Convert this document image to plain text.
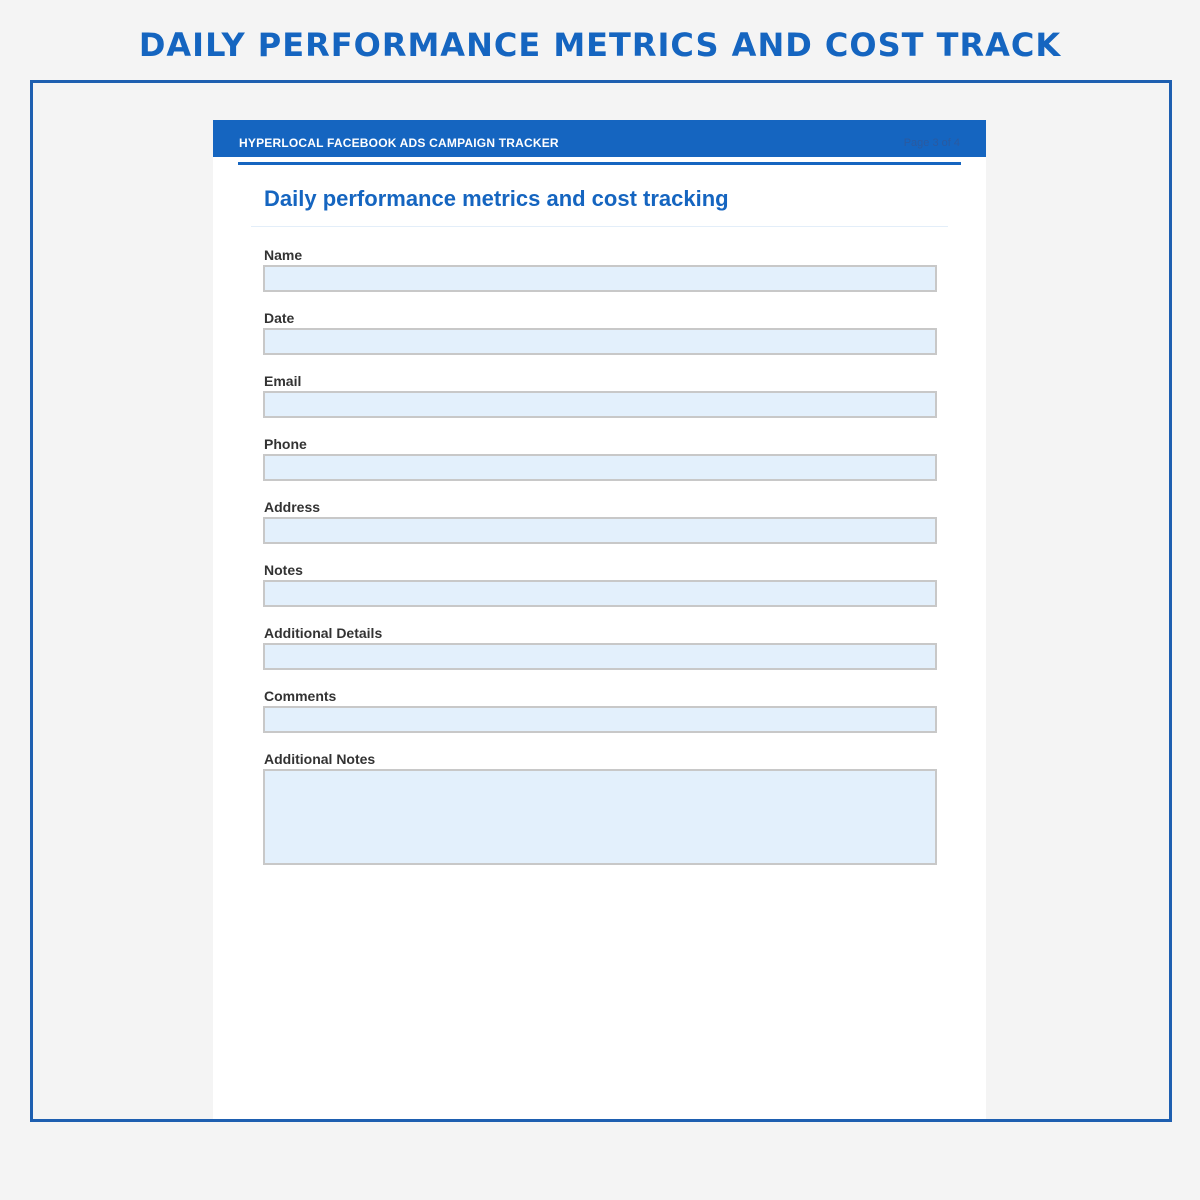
DAILY PERFORMANCE METRICS AND COST TRACK
HYPERLOCAL FACEBOOK ADS CAMPAIGN TRACKER	Page 3 of 4
Daily performance metrics and cost tracking
Name
Date
Email
Phone
Address
Notes
Additional Details
Comments
Additional Notes
